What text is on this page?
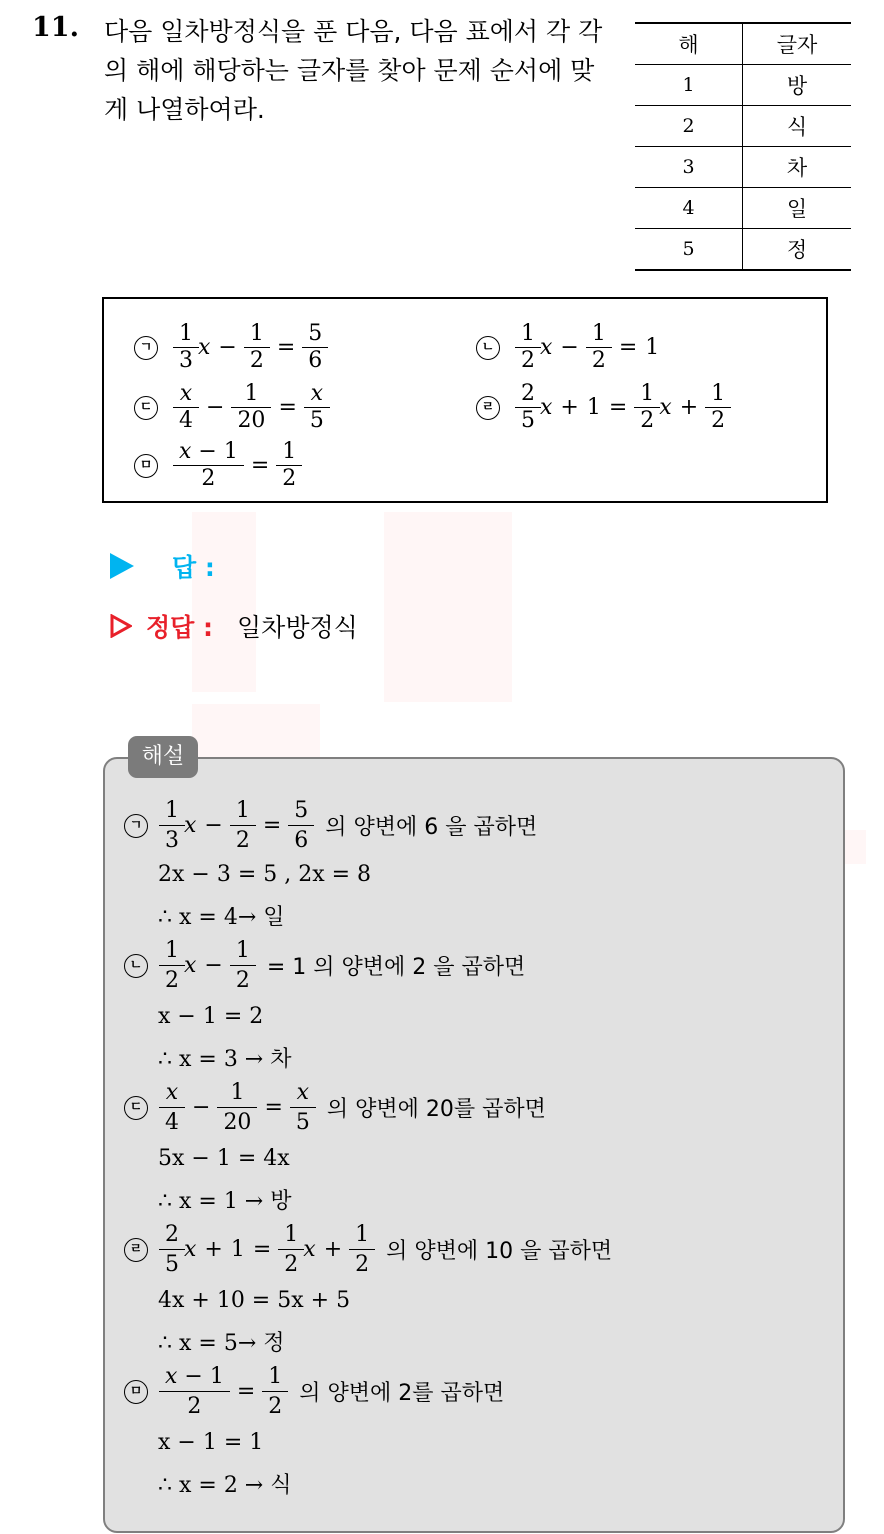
11. 다음 일차방정식을 푼 다음, 다음 표에서 각 각의 해에 해당하는 글자를 찾아 문제 순서에 맞게 나열하여라.
해	글자
1	방
2	식
3	차
4	일
5	정
ㄱ
1
3
$x - \frac{1}{2} = \frac{5}{6}$	ㄴ
1
2
$x - \frac{1}{2} = 1$
ㄷ
x
4
− $\frac{1}{20} = \frac{x}{5}$	ㄹ
2
5
$x + 1 = \frac{1}{2}$ $x + \frac{1}{2}$
ㅁ $\frac{x - 1}{2} = \frac{1}{2}$
답 :
정답 : 일차방정식
해설
ㄱ
1
3
$x - \frac{1}{2} = \frac{5}{6}$ 의 양변에 6 을 곱하면
2x − 3 = 5 , 2x = 8
∴ x = 4→ 일
ㄴ
1
2
$x - \frac{1}{2} = 1$ 의 양변에 2 을 곱하면
x − 1 = 2
∴ x = 3 → 차
ㄷ
x
4
− $\frac{1}{20} = \frac{x}{5}$ 의 양변에 20를 곱하면
5x − 1 = 4x
∴ x = 1 → 방
ㄹ
2
5
$x + 1 = \frac{1}{2}$ $x + \frac{1}{2}$ 의 양변에 10 을 곱하면
4x + 10 = 5x + 5
∴ x = 5→ 정
ㅁ $\frac{x - 1}{2} = \frac{1}{2}$ 의 양변에 2를 곱하면
x − 1 = 1
∴ x = 2 → 식
